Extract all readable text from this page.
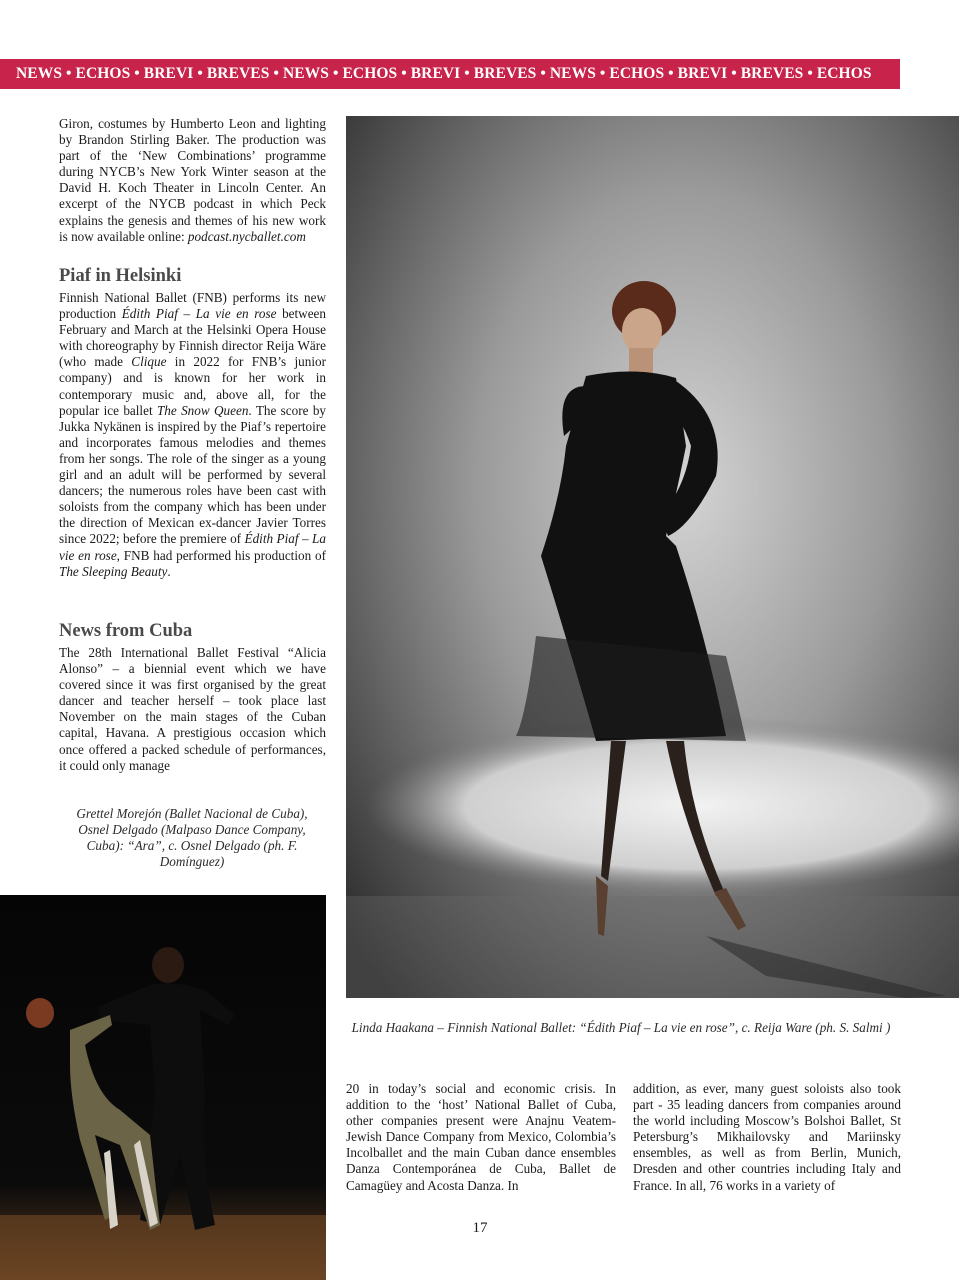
NEWS • ECHOS • BREVI • BREVES • NEWS • ECHOS • BREVI • BREVES • NEWS • ECHOS • BREVI • BREVES • ECHOS

Giron, costumes by Humberto Leon and lighting by Brandon Stirling Baker. The production was part of the ‘New Combinations’ programme during NYCB’s New York Winter season at the David H. Koch Theater in Lincoln Center. An excerpt of the NYCB podcast in which Peck explains the genesis and themes of his new work is now available online: podcast.nycballet.com

Piaf in Helsinki

Finnish National Ballet (FNB) performs its new production Édith Piaf – La vie en rose between February and March at the Helsinki Opera House with choreography by Finnish director Reija Wäre (who made Clique in 2022 for FNB’s junior company) and is known for her work in contemporary music and, above all, for the popular ice ballet The Snow Queen. The score by Jukka Nykänen is inspired by the Piaf’s repertoire and incorporates famous melodies and themes from her songs. The role of the singer as a young girl and an adult will be performed by several dancers; the numerous roles have been cast with soloists from the company which has been under the direction of Mexican ex-dancer Javier Torres since 2022; before the premiere of Édith Piaf – La vie en rose, FNB had performed his production of The Sleeping Beauty.

News from Cuba

The 28th International Ballet Festival “Alicia Alonso” – a biennial event which we have covered since it was first organised by the great dancer and teacher herself – took place last November on the main stages of the Cuban capital, Havana. A prestigious occasion which once offered a packed schedule of performances, it could only manage

Grettel Morejón (Ballet Nacional de Cuba), Osnel Delgado (Malpaso Dance Company, Cuba): “Ara”, c. Osnel Delgado (ph. F. Domínguez)
Linda Haakana – Finnish National Ballet: “Édith Piaf – La vie en rose”, c. Reija Ware (ph. S. Salmi )

20 in today’s social and economic crisis. In addition to the ‘host’ National Ballet of Cuba, other companies present were Anajnu Veatem-Jewish Dance Company from Mexico, Colombia’s Incolballet and the main Cuban dance ensembles Danza Contemporánea de Cuba, Ballet de Camagüey and Acosta Danza. In

addition, as ever, many guest soloists also took part - 35 leading dancers from companies around the world including Moscow’s Bolshoi Ballet, St Petersburg’s Mikhailovsky and Mariinsky ensembles, as well as from Berlin, Munich, Dresden and other countries including Italy and France. In all, 76 works in a variety of

17
